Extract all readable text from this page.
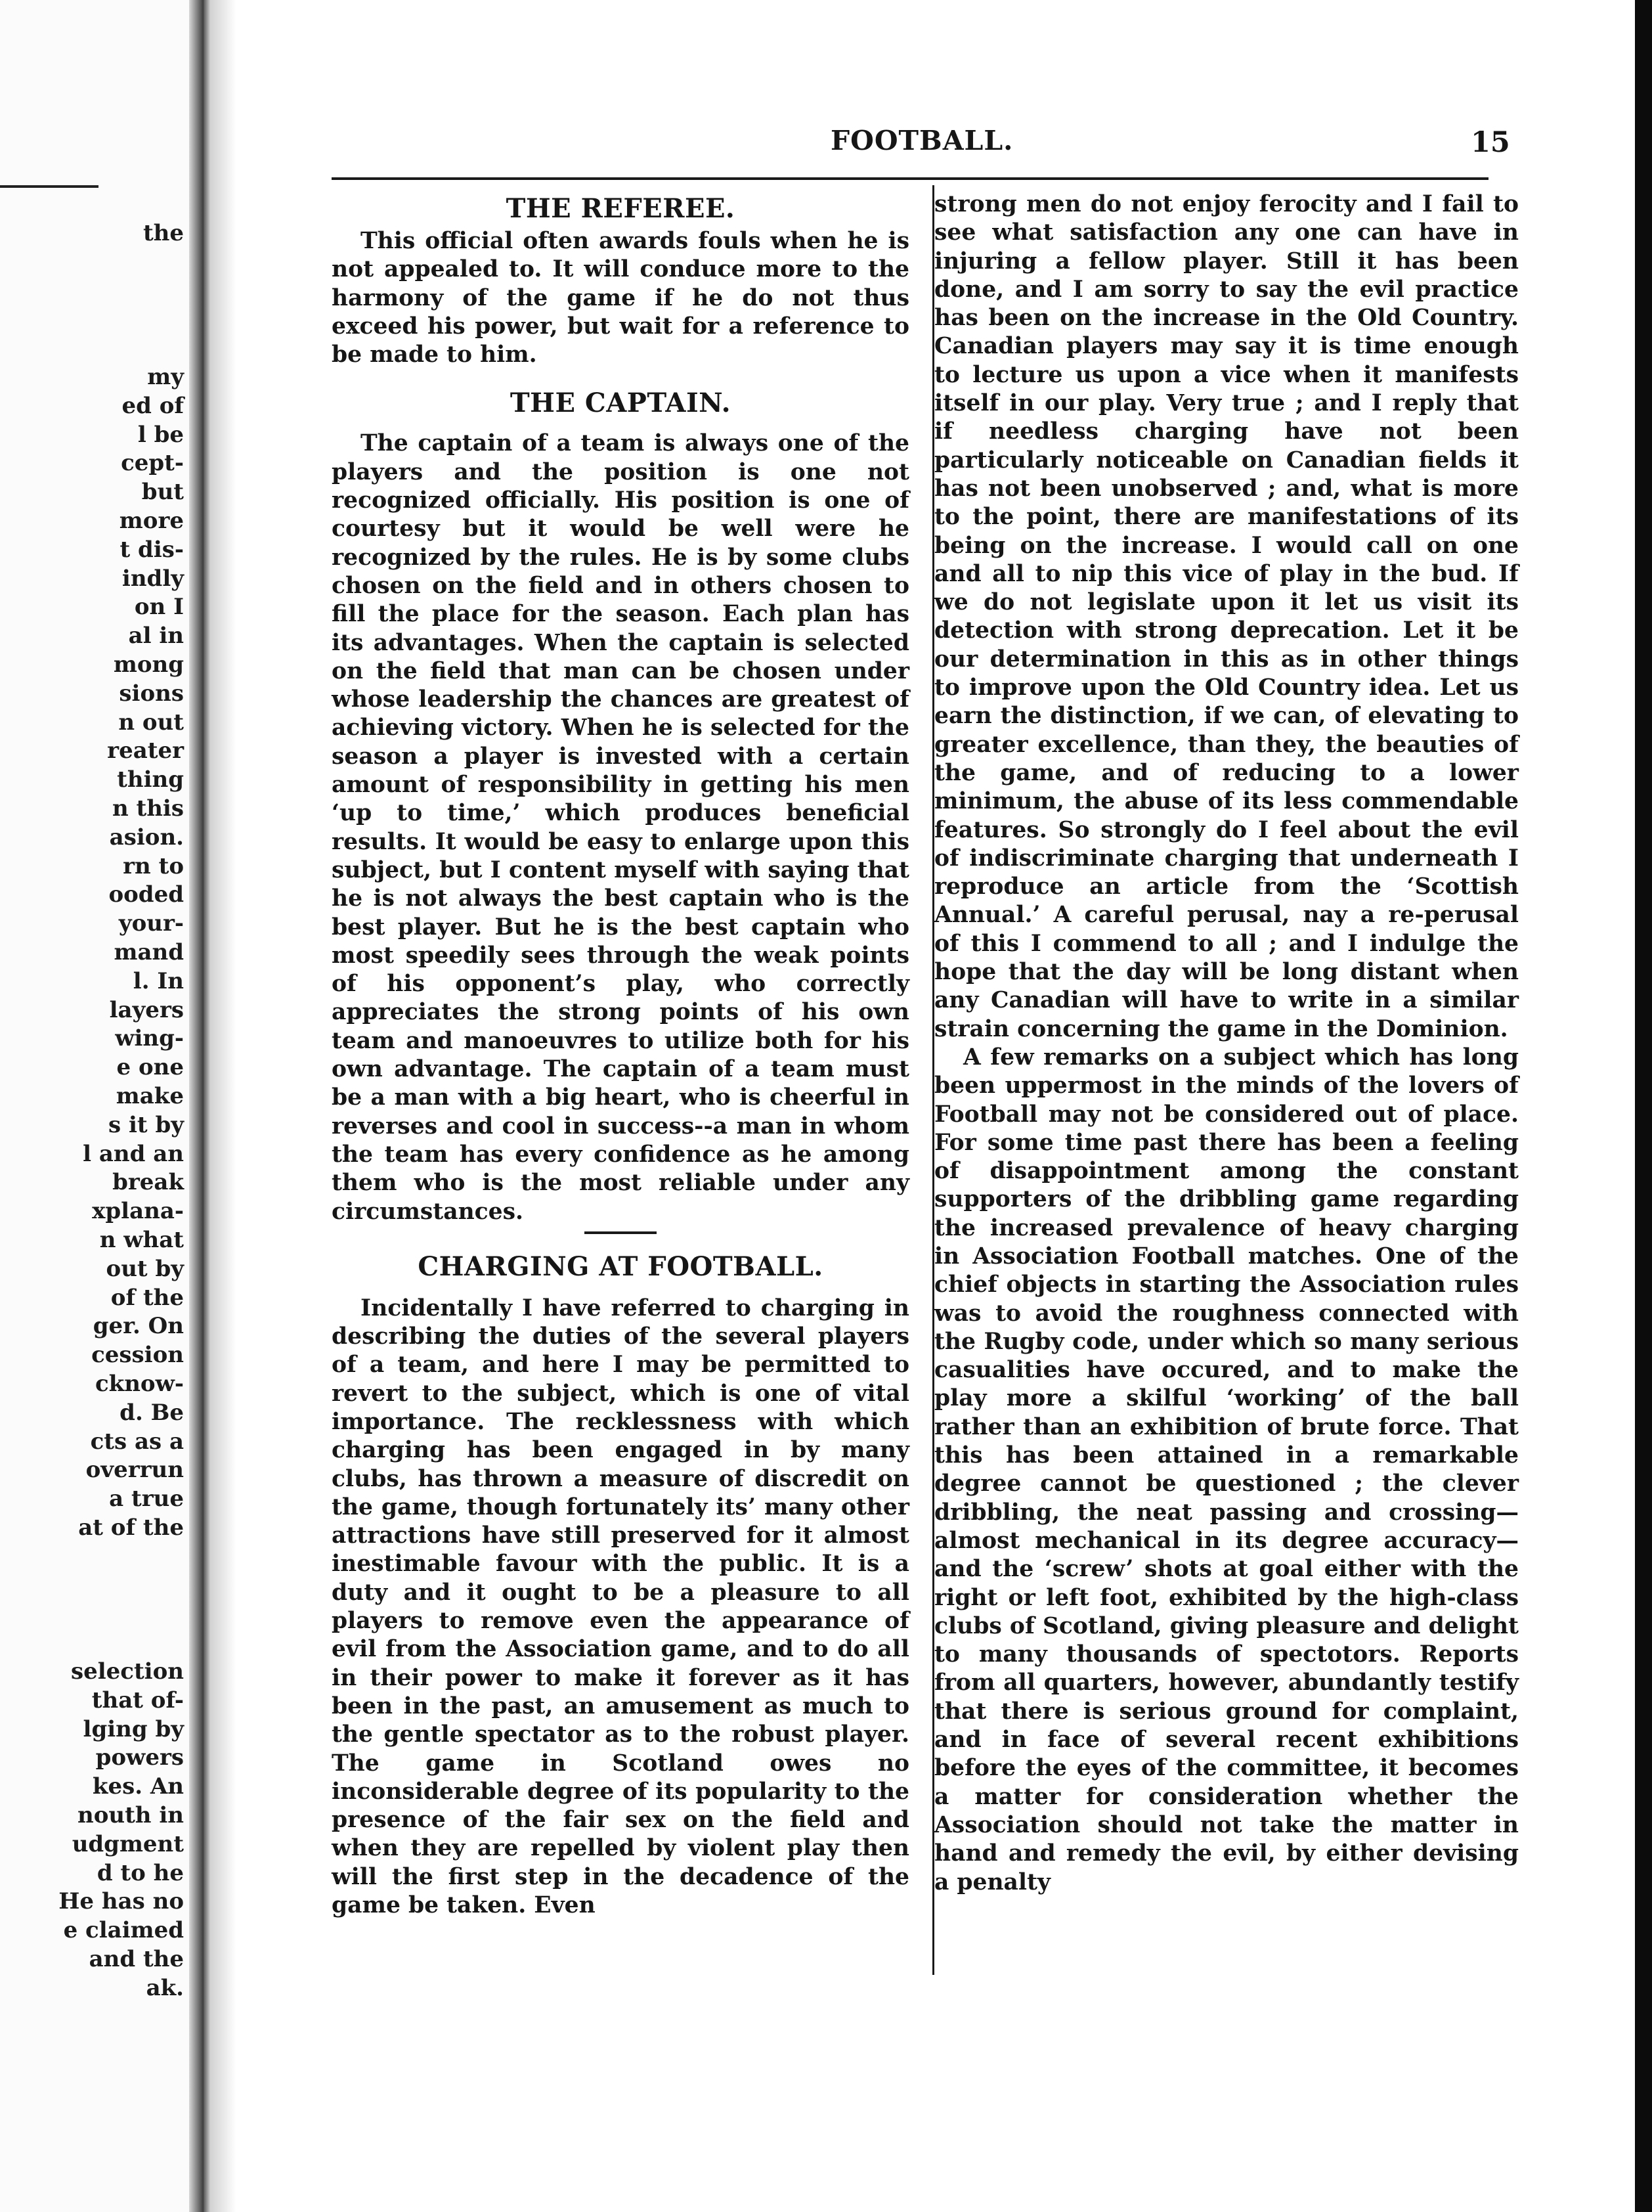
the
my
ed of
l be
cept-
but
more
t dis-
indly
on I
al in
mong
sions
n out
reater
thing
n this
asion.
rn to
ooded
your-
mand
l. In
layers
wing-
e one
make
s it by
l and an
break
xplana-
n what
out by
of the
ger. On
cession
cknow-
d. Be
cts as a
overrun
a true
at of the
selection
that of-
lging by
powers
kes. An
nouth in
udgment
d to he
He has no
e claimed
and the
ak.
FOOTBALL.	15
THE REFEREE.

This official often awards fouls when he is not appealed to. It will conduce more to the harmony of the game if he do not thus exceed his power, but wait for a reference to be made to him.

THE CAPTAIN.

The captain of a team is always one of the players and the position is one not recognized officially. His position is one of courtesy but it would be well were he recognized by the rules. He is by some clubs chosen on the field and in others chosen to fill the place for the season. Each plan has its advantages. When the captain is selected on the field that man can be chosen under whose leadership the chances are greatest of achieving victory. When he is selected for the season a player is invested with a certain amount of responsibility in getting his men ‘up to time,’ which produces beneficial results. It would be easy to enlarge upon this subject, but I content myself with saying that he is not always the best captain who is the best player. But he is the best captain who most speedily sees through the weak points of his opponent’s play, who correctly appreciates the strong points of his own team and manoeuvres to utilize both for his own advantage. The captain of a team must be a man with a big heart, who is cheerful in reverses and cool in success--a man in whom the team has every confidence as he among them who is the most reliable under any circumstances.

CHARGING AT FOOTBALL.

Incidentally I have referred to charging in describing the duties of the several players of a team, and here I may be permitted to revert to the subject, which is one of vital importance. The recklessness with which charging has been engaged in by many clubs, has thrown a measure of discredit on the game, though fortunately its’ many other attractions have still preserved for it almost inestimable favour with the public. It is a duty and it ought to be a pleasure to all players to remove even the appearance of evil from the Association game, and to do all in their power to make it forever as it has been in the past, an amusement as much to the gentle spectator as to the robust player. The game in Scotland owes no inconsiderable degree of its popularity to the presence of the fair sex on the field and when they are repelled by violent play then will the first step in the decadence of the game be taken. Even

strong men do not enjoy ferocity and I fail to see what satisfaction any one can have in injuring a fellow player. Still it has been done, and I am sorry to say the evil practice has been on the increase in the Old Country. Canadian players may say it is time enough to lecture us upon a vice when it manifests itself in our play. Very true ; and I reply that if needless charging have not been particularly noticeable on Canadian fields it has not been unobserved ; and, what is more to the point, there are manifestations of its being on the increase. I would call on one and all to nip this vice of play in the bud. If we do not legislate upon it let us visit its detection with strong deprecation. Let it be our determination in this as in other things to improve upon the Old Country idea. Let us earn the distinction, if we can, of elevating to greater excellence, than they, the beauties of the game, and of reducing to a lower minimum, the abuse of its less commendable features. So strongly do I feel about the evil of indiscriminate charging that underneath I reproduce an article from the ‘Scottish Annual.’ A careful perusal, nay a re-perusal of this I commend to all ; and I indulge the hope that the day will be long distant when any Canadian will have to write in a similar strain concerning the game in the Dominion.

A few remarks on a subject which has long been uppermost in the minds of the lovers of Football may not be considered out of place. For some time past there has been a feeling of disappointment among the constant supporters of the dribbling game regarding the increased prevalence of heavy charging in Association Football matches. One of the chief objects in starting the Association rules was to avoid the roughness connected with the Rugby code, under which so many serious casualities have occured, and to make the play more a skilful ‘working’ of the ball rather than an exhibition of brute force. That this has been attained in a remarkable degree cannot be questioned ; the clever dribbling, the neat passing and crossing—almost mechanical in its degree accuracy—and the ‘screw’ shots at goal either with the right or left foot, exhibited by the high-class clubs of Scotland, giving pleasure and delight to many thousands of spectotors. Reports from all quarters, however, abundantly testify that there is serious ground for complaint, and in face of several recent exhibitions before the eyes of the committee, it becomes a matter for consideration whether the Association should not take the matter in hand and remedy the evil, by either devising a penalty
